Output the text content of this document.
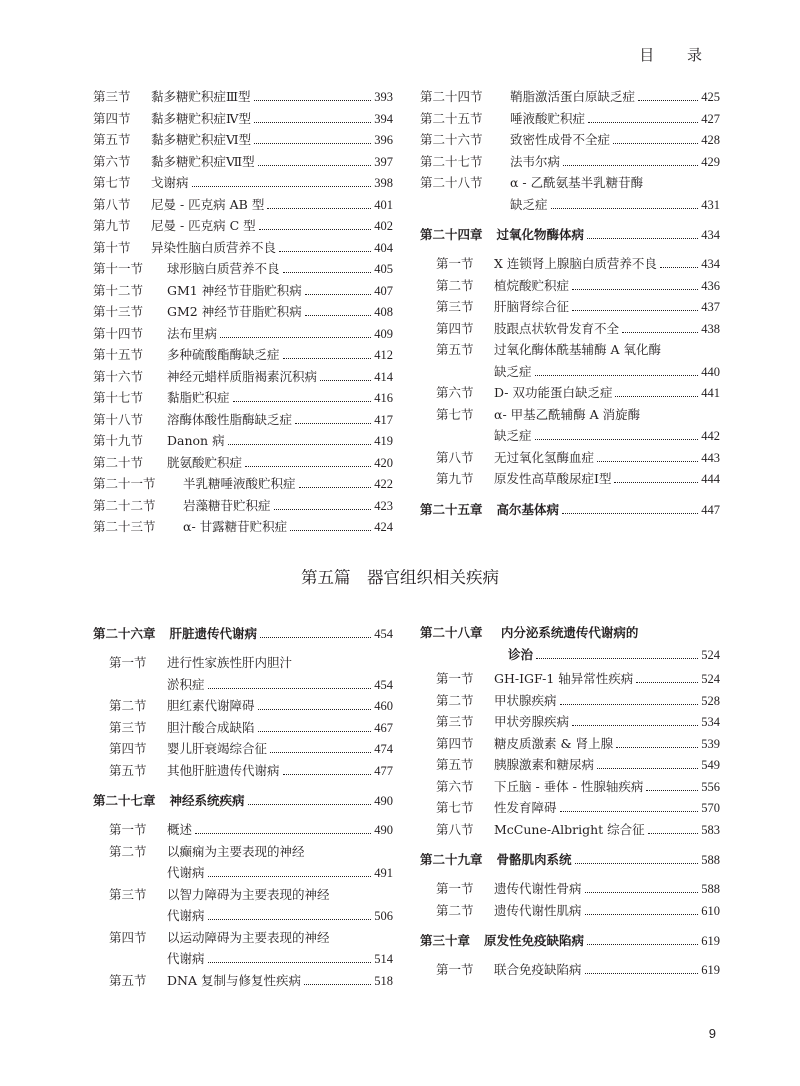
目 录
第三节	黏多糖贮积症Ⅲ型	393
第四节	黏多糖贮积症Ⅳ型	394
第五节	黏多糖贮积症Ⅵ型	396
第六节	黏多糖贮积症Ⅶ型	397
第七节	戈谢病	398
第八节	尼曼 - 匹克病 AB 型	401
第九节	尼曼 - 匹克病 C 型	402
第十节	异染性脑白质营养不良	404
第十一节	球形脑白质营养不良	405
第十二节	GM1 神经节苷脂贮积病	407
第十三节	GM2 神经节苷脂贮积病	408
第十四节	法布里病	409
第十五节	多种硫酸酯酶缺乏症	412
第十六节	神经元蜡样质脂褐素沉积病	414
第十七节	黏脂贮积症	416
第十八节	溶酶体酸性脂酶缺乏症	417
第十九节	Danon 病	419
第二十节	胱氨酸贮积症	420
第二十一节	半乳糖唾液酸贮积症	422
第二十二节	岩藻糖苷贮积症	423
第二十三节	α- 甘露糖苷贮积症	424
第二十四节	鞘脂激活蛋白原缺乏症	425
第二十五节	唾液酸贮积症	427
第二十六节	致密性成骨不全症	428
第二十七节	法韦尔病	429
第二十八节	α - 乙酰氨基半乳糖苷酶
缺乏症	431
第二十四章 过氧化物酶体病	434
第一节	X 连锁肾上腺脑白质营养不良	434
第二节	植烷酸贮积症	436
第三节	肝脑肾综合征	437
第四节	肢跟点状软骨发育不全	438
第五节	过氧化酶体酰基辅酶 A 氧化酶
缺乏症	440
第六节	D- 双功能蛋白缺乏症	441
第七节	α- 甲基乙酰辅酶 A 消旋酶
缺乏症	442
第八节	无过氧化氢酶血症	443
第九节	原发性高草酸尿症Ⅰ型	444
第二十五章 高尔基体病	447
第五篇　器官组织相关疾病
第二十六章 肝脏遗传代谢病	454
第一节	进行性家族性肝内胆汁
淤积症	454
第二节	胆红素代谢障碍	460
第三节	胆汁酸合成缺陷	467
第四节	婴儿肝衰竭综合征	474
第五节	其他肝脏遗传代谢病	477
第二十七章 神经系统疾病	490
第一节	概述	490
第二节	以癫痫为主要表现的神经
代谢病	491
第三节	以智力障碍为主要表现的神经
代谢病	506
第四节	以运动障碍为主要表现的神经
代谢病	514
第五节	DNA 复制与修复性疾病	518
第二十八章 内分泌系统遗传代谢病的
诊治	524
第一节	GH-IGF-1 轴异常性疾病	524
第二节	甲状腺疾病	528
第三节	甲状旁腺疾病	534
第四节	糖皮质激素 & 肾上腺	539
第五节	胰腺激素和糖尿病	549
第六节	下丘脑 - 垂体 - 性腺轴疾病	556
第七节	性发育障碍	570
第八节	McCune-Albright 综合征	583
第二十九章 骨骼肌肉系统	588
第一节	遗传代谢性骨病	588
第二节	遗传代谢性肌病	610
第三十章 原发性免疫缺陷病	619
第一节	联合免疫缺陷病	619
9
